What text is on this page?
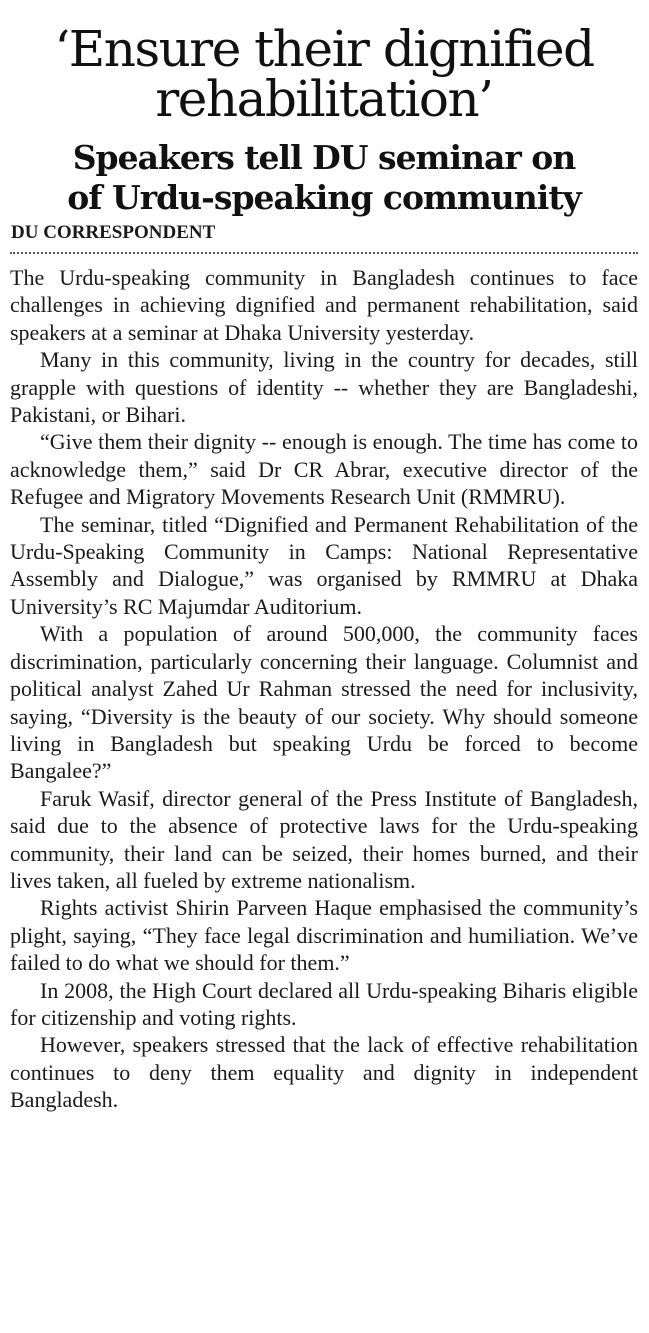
‘Ensure their dignified
rehabilitation’
Speakers tell DU seminar on
of Urdu-speaking community
DU CORRESPONDENT

The Urdu-speaking community in Bangladesh continues to face challenges in achieving dignified and permanent rehabilitation, said speakers at a seminar at Dhaka University yesterday.

Many in this community, living in the country for decades, still grapple with questions of identity -- whether they are Bangladeshi, Pakistani, or Bihari.

“Give them their dignity -- enough is enough. The time has come to acknowledge them,” said Dr CR Abrar, executive director of the Refugee and Migratory Movements Research Unit (RMMRU).

The seminar, titled “Dignified and Permanent Rehabilitation of the Urdu-Speaking Community in Camps: National Representative Assembly and Dialogue,” was organised by RMMRU at Dhaka University’s RC Majumdar Auditorium.

With a population of around 500,000, the community faces discrimination, particularly concerning their language. Columnist and political analyst Zahed Ur Rahman stressed the need for inclusivity, saying, “Diversity is the beauty of our society. Why should someone living in Bangladesh but speaking Urdu be forced to become Bangalee?”

Faruk Wasif, director general of the Press Institute of Bangladesh, said due to the absence of protective laws for the Urdu-speaking community, their land can be seized, their homes burned, and their lives taken, all fueled by extreme nationalism.

Rights activist Shirin Parveen Haque emphasised the community’s plight, saying, “They face legal discrimination and humiliation. We’ve failed to do what we should for them.”

In 2008, the High Court declared all Urdu-speaking Biharis eligible for citizenship and voting rights.

However, speakers stressed that the lack of effective rehabilitation continues to deny them equality and dignity in independent Bangladesh.
